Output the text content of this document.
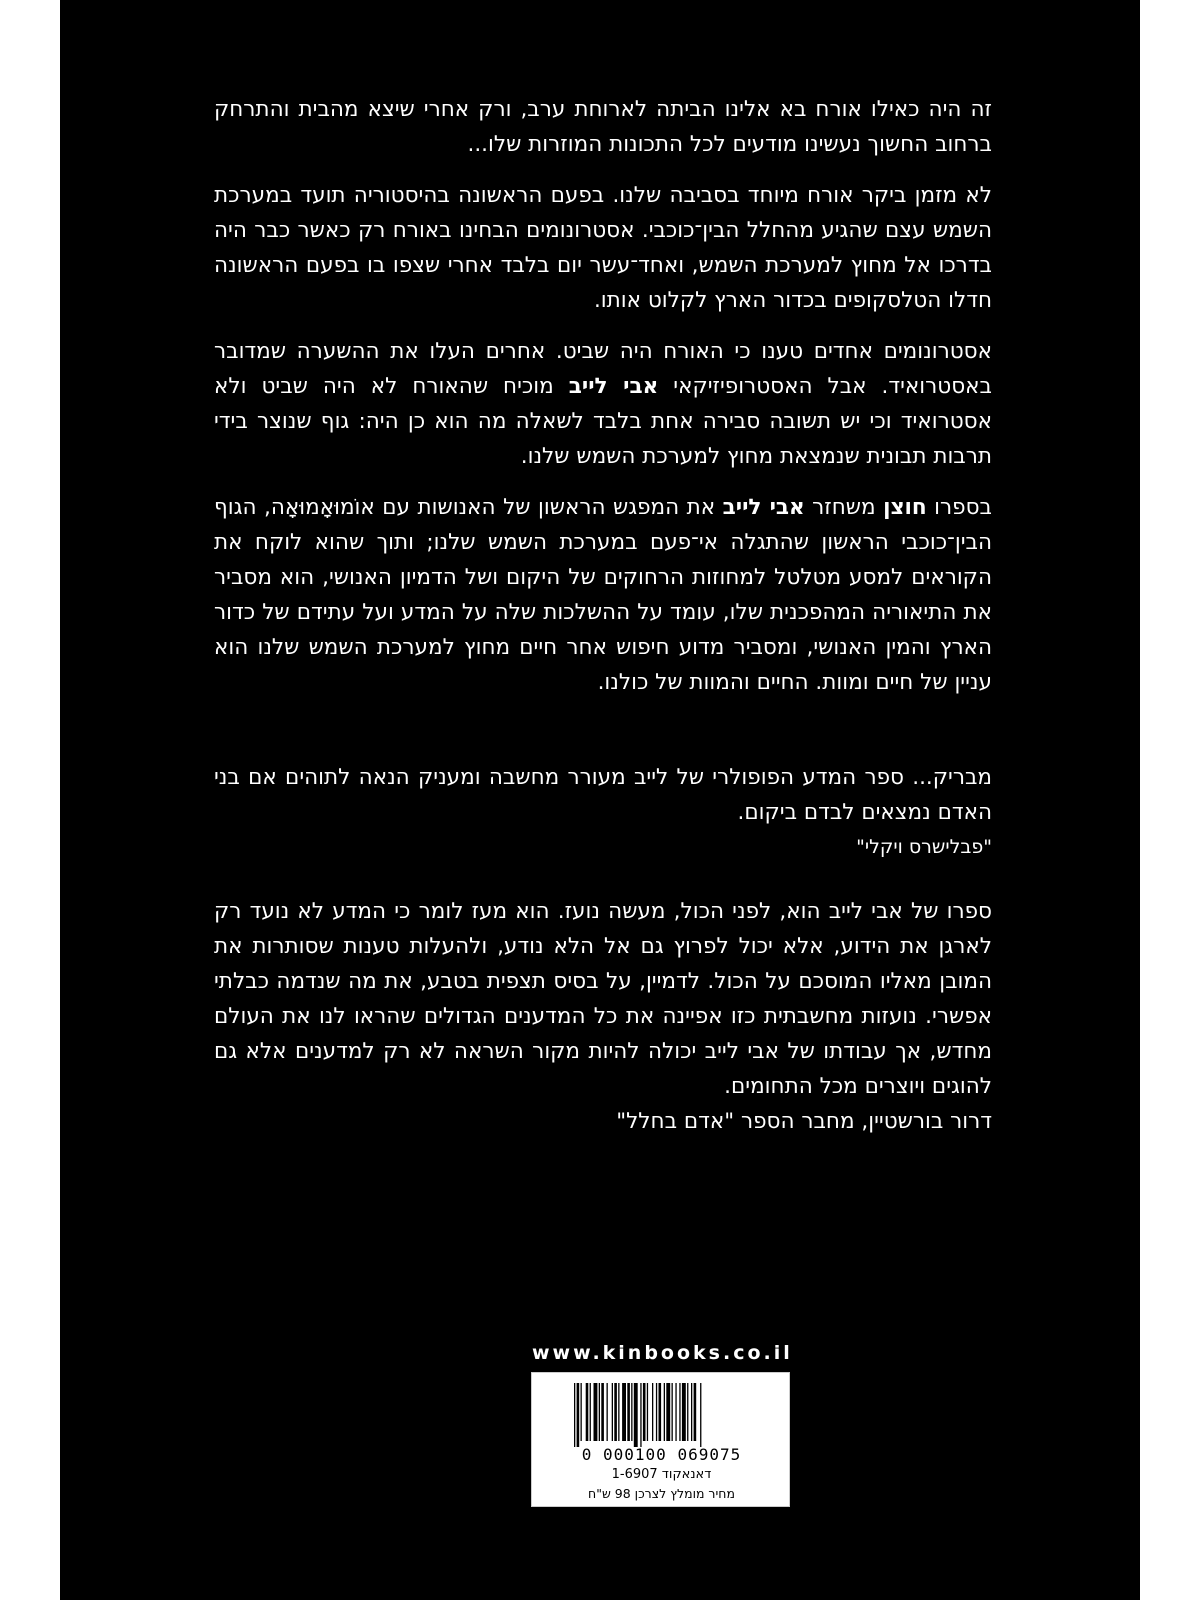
זה היה כאילו אורח בא אלינו הביתה לארוחת ערב, ורק אחרי שיצא מהבית והתרחק ברחוב החשוך נעשינו מודעים לכל התכונות המוזרות שלו...

לא מזמן ביקר אורח מיוחד בסביבה שלנו. בפעם הראשונה בהיסטוריה תועד במערכת השמש עצם שהגיע מהחלל הבין־כוכבי. אסטרונומים הבחינו באורח רק כאשר כבר היה בדרכו אל מחוץ למערכת השמש, ואחד־עשר יום בלבד אחרי שצפו בו בפעם הראשונה חדלו הטלסקופים בכדור הארץ לקלוט אותו.

אסטרונומים אחדים טענו כי האורח היה שביט. אחרים העלו את ההשערה שמדובר באסטרואיד. אבל האסטרופיזיקאי אבי לייב מוכיח שהאורח לא היה שביט ולא אסטרואיד וכי יש תשובה סבירה אחת בלבד לשאלה מה הוא כן היה: גוף שנוצר בידי תרבות תבונית שנמצאת מחוץ למערכת השמש שלנו.

בספרו חוצן משחזר אבי לייב את המפגש הראשון של האנושות עם אוֹמוּאָמוּאָה, הגוף הבין־כוכבי הראשון שהתגלה אי־פעם במערכת השמש שלנו; ותוך שהוא לוקח את הקוראים למסע מטלטל למחוזות הרחוקים של היקום ושל הדמיון האנושי, הוא מסביר את התיאוריה המהפכנית שלו, עומד על ההשלכות שלה על המדע ועל עתידם של כדור הארץ והמין האנושי, ומסביר מדוע חיפוש אחר חיים מחוץ למערכת השמש שלנו הוא עניין של חיים ומוות. החיים והמוות של כולנו.

מבריק... ספר המדע הפופולרי של לייב מעורר מחשבה ומעניק הנאה לתוהים אם בני האדם נמצאים לבדם ביקום.

"פבלישרס ויקלי"

ספרו של אבי לייב הוא, לפני הכול, מעשה נועז. הוא מעז לומר כי המדע לא נועד רק לארגן את הידוע, אלא יכול לפרוץ גם אל הלא נודע, ולהעלות טענות שסותרות את המובן מאליו המוסכם על הכול. לדמיין, על בסיס תצפית בטבע, את מה שנדמה כבלתי אפשרי. נועזות מחשבתית כזו אפיינה את כל המדענים הגדולים שהראו לנו את העולם מחדש, אך עבודתו של אבי לייב יכולה להיות מקור השראה לא רק למדענים אלא גם להוגים ויוצרים מכל התחומים.

דרור בורשטיין, מחבר הספר "אדם בחלל"

www.kinbooks.co.il
0 000100 069075
דאנאקוד 1-6907
מחיר מומלץ לצרכן 98 ש"ח
